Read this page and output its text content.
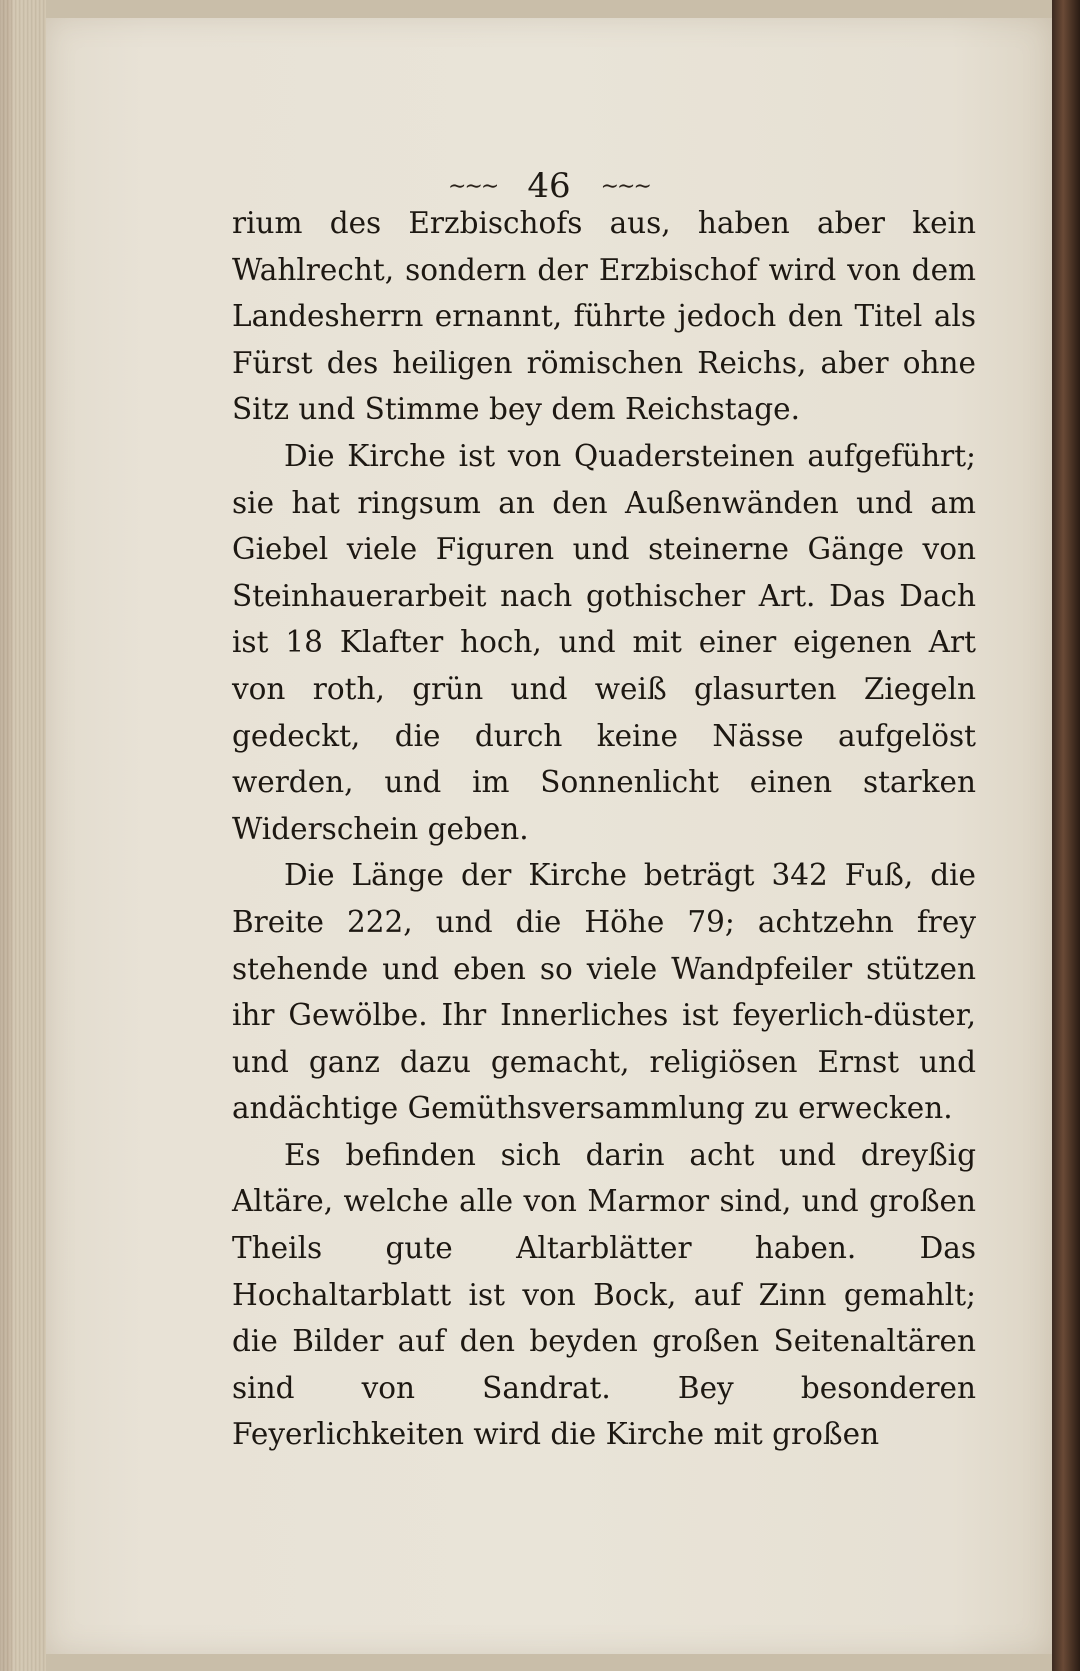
∼∼∼ 46 ∼∼∼

rium des Erzbischofs aus, haben aber kein Wahlrecht, sondern der Erzbischof wird von dem Landesherrn ernannt, führte jedoch den Titel als Fürst des heiligen römischen Reichs, aber ohne Sitz und Stimme bey dem Reichstage.

Die Kirche ist von Quadersteinen aufgeführt; sie hat ringsum an den Außenwänden und am Giebel viele Figuren und steinerne Gänge von Steinhauerarbeit nach gothischer Art. Das Dach ist 18 Klafter hoch, und mit einer eigenen Art von roth, grün und weiß glasurten Ziegeln gedeckt, die durch keine Nässe aufgelöst werden, und im Sonnenlicht einen starken Widerschein geben.

Die Länge der Kirche beträgt 342 Fuß, die Breite 222, und die Höhe 79; achtzehn frey stehende und eben so viele Wandpfeiler stützen ihr Gewölbe. Ihr Innerliches ist feyerlich-düster, und ganz dazu gemacht, religiösen Ernst und andächtige Gemüthsversammlung zu erwecken.

Es befinden sich darin acht und dreyßig Altäre, welche alle von Marmor sind, und großen Theils gute Altarblätter haben. Das Hochaltarblatt ist von Bock, auf Zinn gemahlt; die Bilder auf den beyden großen Seitenaltären sind von Sandrat. Bey besonderen Feyerlichkeiten wird die Kirche mit großen
